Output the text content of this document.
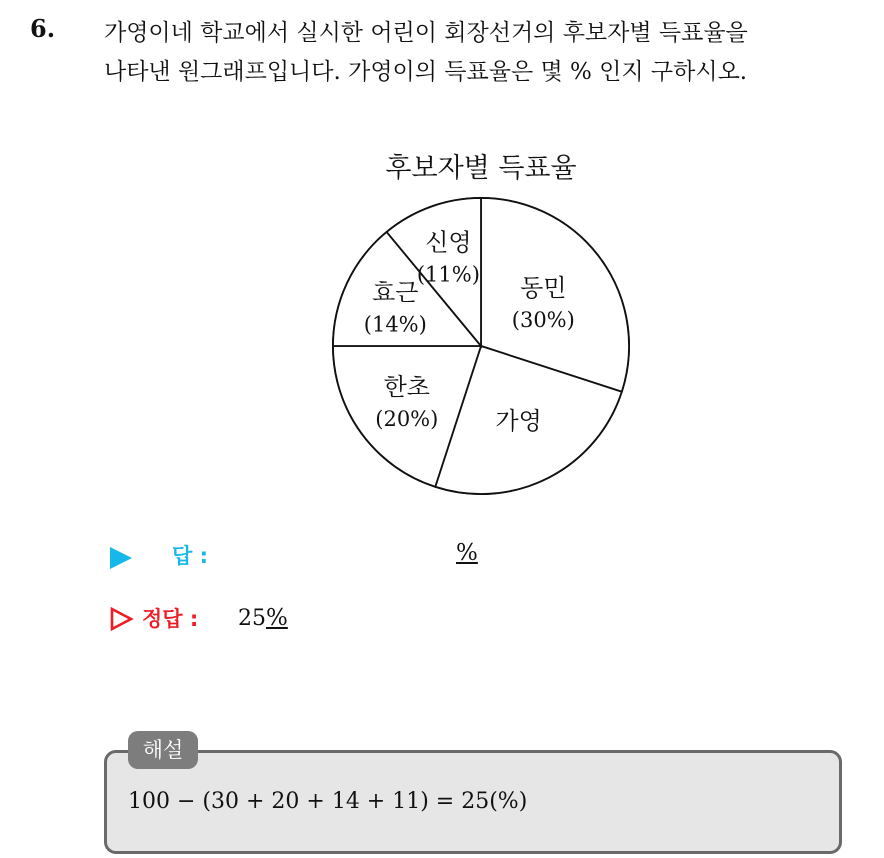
6. 가영이네 학교에서 실시한 어린이 회장선거의 후보자별 득표율을
나타낸 원그래프입니다. 가영이의 득표율은 몇 % 인지 구하시오.
후보자별 득표율
동민
(30%)
가영
한초
(20%)
효근
(14%)
신영
(11%)
답 :	%
정답 : 25%
해설
100 − (30 + 20 + 14 + 11) = 25(%)
